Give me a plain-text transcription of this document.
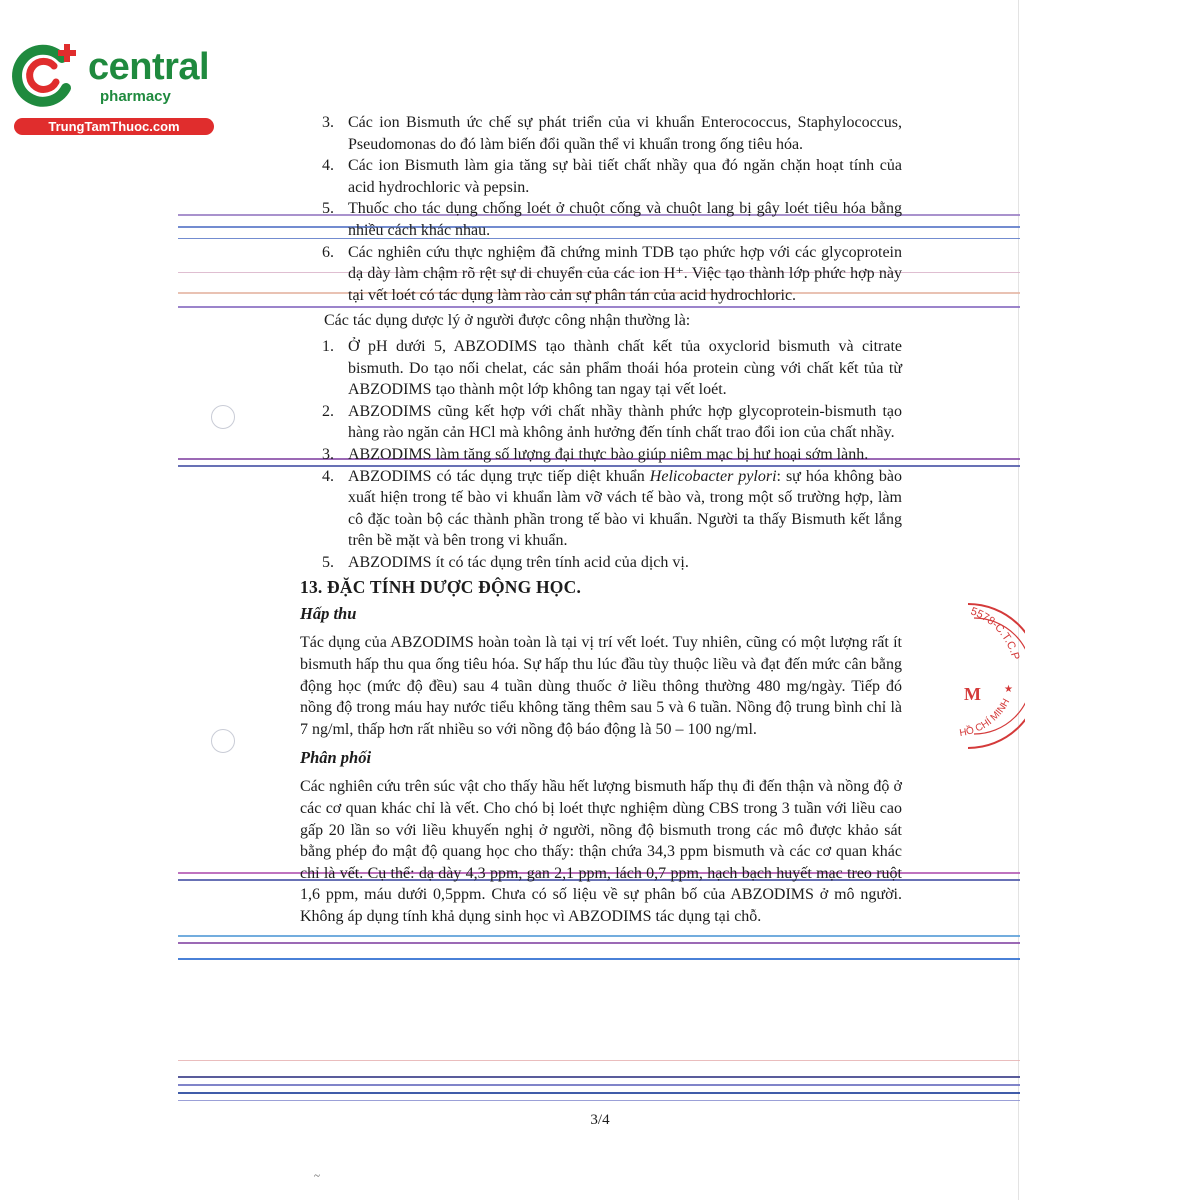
central
pharmacy
TrungTamThuoc.com	3. Các ion Bismuth ức chế sự phát triển của vi khuẩn Enterococcus, Staphylococcus, Pseudomonas do đó làm biến đổi quần thể vi khuẩn trong ống tiêu hóa.
4. Các ion Bismuth làm gia tăng sự bài tiết chất nhầy qua đó ngăn chặn hoạt tính của acid hydrochloric và pepsin.
5. Thuốc cho tác dụng chống loét ở chuột cống và chuột lang bị gây loét tiêu hóa bằng nhiều cách khác nhau.
6. Các nghiên cứu thực nghiệm đã chứng minh TDB tạo phức hợp với các glycoprotein dạ dày làm chậm rõ rệt sự di chuyển của các ion H⁺. Việc tạo thành lớp phức hợp này tại vết loét có tác dụng làm rào cản sự phân tán của acid hydrochloric.
Các tác dụng dược lý ở người được công nhận thường là:
1. Ở pH dưới 5, ABZODIMS tạo thành chất kết tủa oxyclorid bismuth và citrate bismuth. Do tạo nối chelat, các sản phẩm thoái hóa protein cùng với chất kết tủa từ ABZODIMS tạo thành một lớp không tan ngay tại vết loét.
2. ABZODIMS cũng kết hợp với chất nhầy thành phức hợp glycoprotein-bismuth tạo hàng rào ngăn cản HCl mà không ảnh hưởng đến tính chất trao đổi ion của chất nhầy.
3. ABZODIMS làm tăng số lượng đại thực bào giúp niêm mạc bị hư hoại sớm lành.
4. ABZODIMS có tác dụng trực tiếp diệt khuẩn Helicobacter pylori: sự hóa không bào xuất hiện trong tế bào vi khuẩn làm vỡ vách tế bào và, trong một số trường hợp, làm cô đặc toàn bộ các thành phần trong tế bào vi khuẩn. Người ta thấy Bismuth kết lắng trên bề mặt và bên trong vi khuẩn.
5. ABZODIMS ít có tác dụng trên tính acid của dịch vị.
13. ĐẶC TÍNH DƯỢC ĐỘNG HỌC.
Hấp thu
Tác dụng của ABZODIMS hoàn toàn là tại vị trí vết loét. Tuy nhiên, cũng có một lượng rất ít bismuth hấp thu qua ống tiêu hóa. Sự hấp thu lúc đầu tùy thuộc liều và đạt đến mức cân bằng động học (mức độ đều) sau 4 tuần dùng thuốc ở liều thông thường 480 mg/ngày. Tiếp đó nồng độ trong máu hay nước tiểu không tăng thêm sau 5 và 6 tuần. Nồng độ trung bình chỉ là 7 ng/ml, thấp hơn rất nhiều so với nồng độ báo động là 50 – 100 ng/ml.
Phân phối
Các nghiên cứu trên súc vật cho thấy hầu hết lượng bismuth hấp thụ đi đến thận và nồng độ ở các cơ quan khác chỉ là vết. Cho chó bị loét thực nghiệm dùng CBS trong 3 tuần với liều cao gấp 20 lần so với liều khuyến nghị ở người, nồng độ bismuth trong các mô được khảo sát bằng phép đo mật độ quang học cho thấy: thận chứa 34,3 ppm bismuth và các cơ quan khác chỉ là vết. Cụ thể: dạ dày 4,3 ppm, gan 2,1 ppm, lách 0,7 ppm, hạch bạch huyết mạc treo ruột 1,6 ppm, máu dưới 0,5ppm. Chưa có số liệu về sự phân bố của ABZODIMS ở mô người. Không áp dụng tính khả dụng sinh học vì ABZODIMS tác dụng tại chỗ.
5578-C.T.C.P
M
HỒ CHÍ MINH
★
3/4
~
